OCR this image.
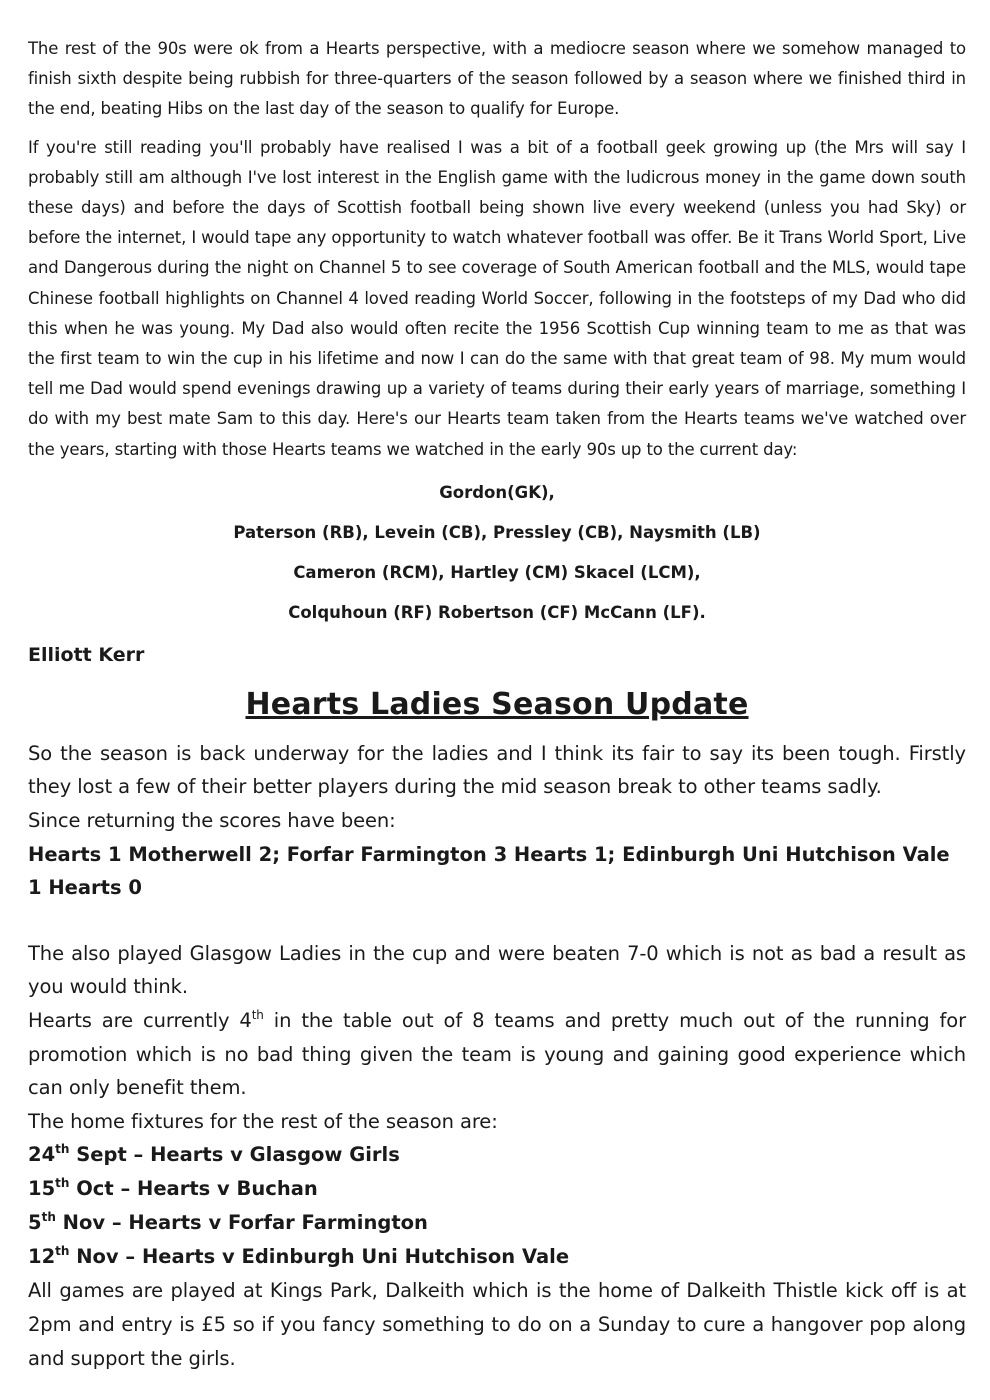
The rest of the 90s were ok from a Hearts perspective, with a mediocre season where we somehow managed to finish sixth despite being rubbish for three-quarters of the season followed by a season where we finished third in the end, beating Hibs on the last day of the season to qualify for Europe.

If you're still reading you'll probably have realised I was a bit of a football geek growing up (the Mrs will say I probably still am although I've lost interest in the English game with the ludicrous money in the game down south these days) and before the days of Scottish football being shown live every weekend (unless you had Sky) or before the internet, I would tape any opportunity to watch whatever football was offer. Be it Trans World Sport, Live and Dangerous during the night on Channel 5 to see coverage of South American football and the MLS, would tape Chinese football highlights on Channel 4 loved reading World Soccer, following in the footsteps of my Dad who did this when he was young. My Dad also would often recite the 1956 Scottish Cup winning team to me as that was the first team to win the cup in his lifetime and now I can do the same with that great team of 98. My mum would tell me Dad would spend evenings drawing up a variety of teams during their early years of marriage, something I do with my best mate Sam to this day. Here's our Hearts team taken from the Hearts teams we've watched over the years, starting with those Hearts teams we watched in the early 90s up to the current day:

Gordon(GK),

Paterson (RB), Levein (CB), Pressley (CB), Naysmith (LB)

Cameron (RCM), Hartley (CM) Skacel (LCM),

Colquhoun (RF) Robertson (CF) McCann (LF).

Elliott Kerr

Hearts Ladies Season Update

So the season is back underway for the ladies and I think its fair to say its been tough. Firstly they lost a few of their better players during the mid season break to other teams sadly.

Since returning the scores have been:

Hearts 1 Motherwell 2; Forfar Farmington 3 Hearts 1; Edinburgh Uni Hutchison Vale 1 Hearts 0

The also played Glasgow Ladies in the cup and were beaten 7-0 which is not as bad a result as you would think.

Hearts are currently 4th in the table out of 8 teams and pretty much out of the running for promotion which is no bad thing given the team is young and gaining good experience which can only benefit them.

The home fixtures for the rest of the season are:

24th Sept – Hearts v Glasgow Girls

15th Oct – Hearts v Buchan

5th Nov – Hearts v Forfar Farmington

12th Nov – Hearts v Edinburgh Uni Hutchison Vale

All games are played at Kings Park, Dalkeith which is the home of Dalkeith Thistle kick off is at 2pm and entry is £5 so if you fancy something to do on a Sunday to cure a hangover pop along and support the girls.
